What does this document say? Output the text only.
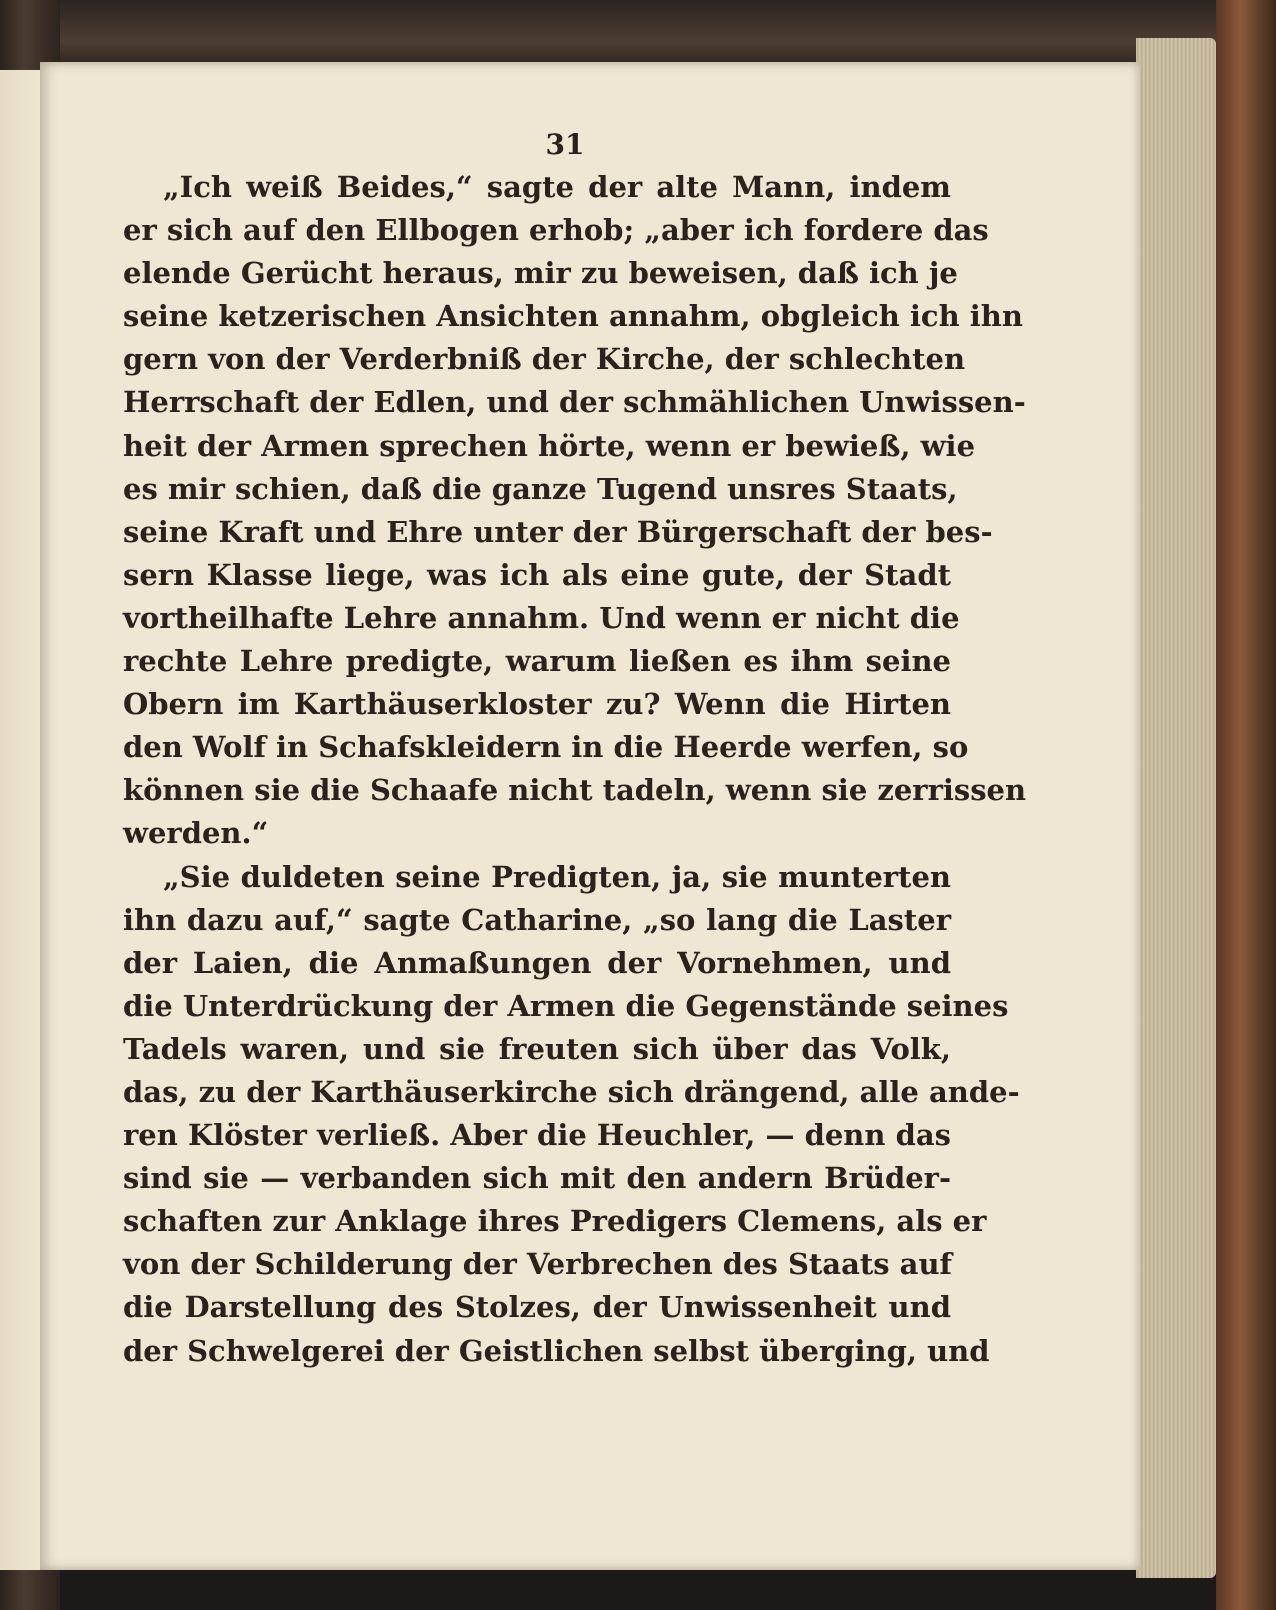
31

„Ich weiß Beides,“ sagte der alte Mann, indem
er sich auf den Ellbogen erhob; „aber ich fordere das
elende Gerücht heraus, mir zu beweisen, daß ich je
seine ketzerischen Ansichten annahm, obgleich ich ihn
gern von der Verderbniß der Kirche, der schlechten
Herrschaft der Edlen, und der schmählichen Unwissen-
heit der Armen sprechen hörte, wenn er bewieß, wie
es mir schien, daß die ganze Tugend unsres Staats,
seine Kraft und Ehre unter der Bürgerschaft der bes-
sern Klasse liege, was ich als eine gute, der Stadt
vortheilhafte Lehre annahm. Und wenn er nicht die
rechte Lehre predigte, warum ließen es ihm seine
Obern im Karthäuserkloster zu? Wenn die Hirten
den Wolf in Schafskleidern in die Heerde werfen, so
können sie die Schaafe nicht tadeln, wenn sie zerrissen
werden.“
„Sie duldeten seine Predigten, ja, sie munterten
ihn dazu auf,“ sagte Catharine, „so lang die Laster
der Laien, die Anmaßungen der Vornehmen, und
die Unterdrückung der Armen die Gegenstände seines
Tadels waren, und sie freuten sich über das Volk,
das, zu der Karthäuserkirche sich drängend, alle ande-
ren Klöster verließ. Aber die Heuchler, — denn das
sind sie — verbanden sich mit den andern Brüder-
schaften zur Anklage ihres Predigers Clemens, als er
von der Schilderung der Verbrechen des Staats auf
die Darstellung des Stolzes, der Unwissenheit und
der Schwelgerei der Geistlichen selbst überging, und
